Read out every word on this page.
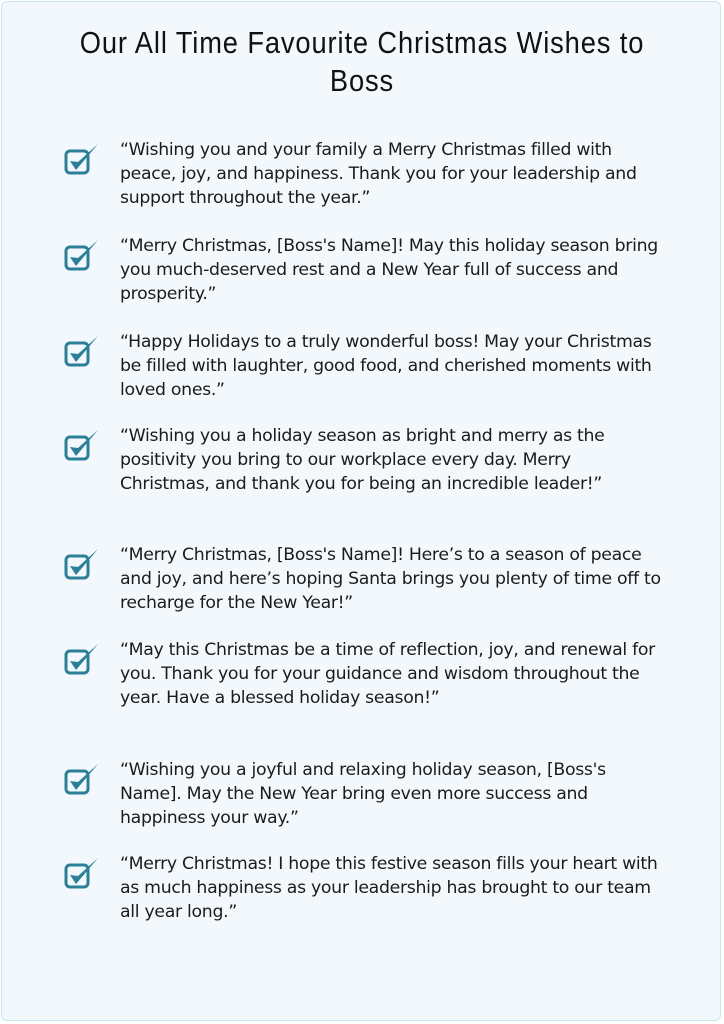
Our All Time Favourite Christmas Wishes to Boss
“Wishing you and your family a Merry Christmas filled with peace, joy, and happiness. Thank you for your leadership and support throughout the year.”
“Merry Christmas, [Boss's Name]! May this holiday season bring you much-deserved rest and a New Year full of success and prosperity.”
“Happy Holidays to a truly wonderful boss! May your Christmas be filled with laughter, good food, and cherished moments with loved ones.”
“Wishing you a holiday season as bright and merry as the positivity you bring to our workplace every day. Merry Christmas, and thank you for being an incredible leader!”
“Merry Christmas, [Boss's Name]! Here’s to a season of peace and joy, and here’s hoping Santa brings you plenty of time off to recharge for the New Year!”
“May this Christmas be a time of reflection, joy, and renewal for you. Thank you for your guidance and wisdom throughout the year. Have a blessed holiday season!”
“Wishing you a joyful and relaxing holiday season, [Boss's Name]. May the New Year bring even more success and happiness your way.”
“Merry Christmas! I hope this festive season fills your heart with as much happiness as your leadership has brought to our team all year long.”
